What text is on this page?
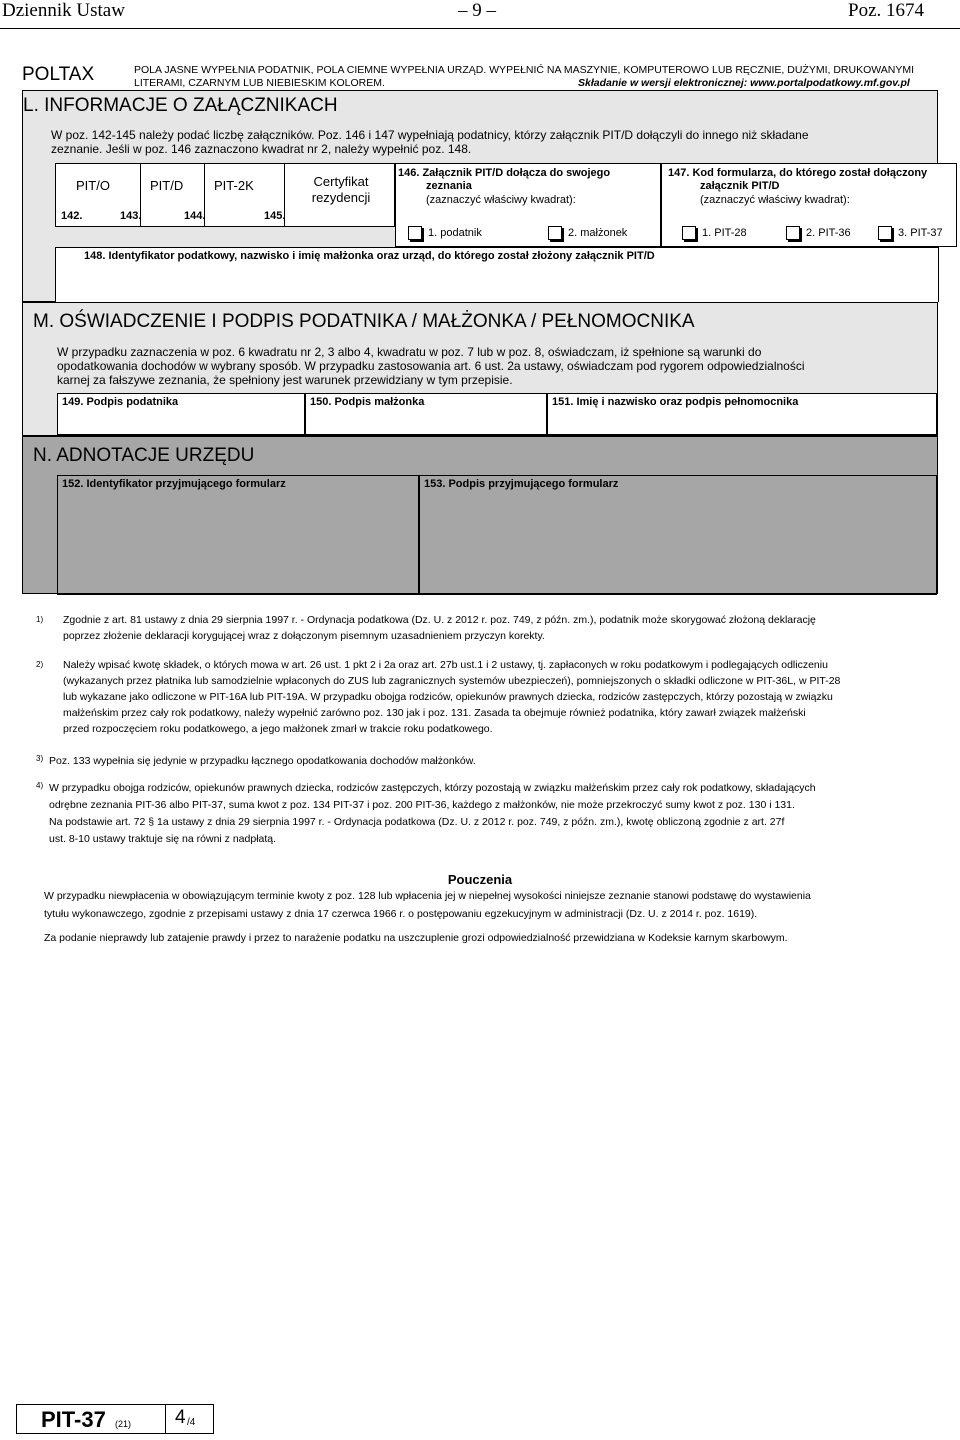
Dziennik Ustaw	– 9 –	Poz. 1674
POLTAX	POLA JASNE WYPEŁNIA PODATNIK, POLA CIEMNE WYPEŁNIA URZĄD. WYPEŁNIĆ NA MASZYNIE, KOMPUTEROWO LUB RĘCZNIE, DUŻYMI, DRUKOWANYMI
LITERAMI, CZARNYM LUB NIEBIESKIM KOLOREM.	Składanie w wersji elektronicznej: www.portalpodatkowy.mf.gov.pl
L. INFORMACJE O ZAŁĄCZNIKACH
W poz. 142-145 należy podać liczbę załączników. Poz. 146 i 147 wypełniają podatnicy, którzy załącznik PIT/D dołączyli do innego niż składane
zeznanie. Jeśli w poz. 146 zaznaczono kwadrat nr 2, należy wypełnić poz. 148.
PIT/O	PIT/D PIT-2K	Certyfikat rezydencji
142.	143.	144.	145.
146. Załącznik PIT/D dołącza do swojego
zeznania
(zaznaczyć właściwy kwadrat):
1. podatnik	2. małżonek
147. Kod formularza, do którego został dołączony
załącznik PIT/D
(zaznaczyć właściwy kwadrat):
1. PIT-28	2. PIT-36	3. PIT-37
148. Identyfikator podatkowy, nazwisko i imię małżonka oraz urząd, do którego został złożony załącznik PIT/D
M. OŚWIADCZENIE I PODPIS PODATNIKA / MAŁŻONKA / PEŁNOMOCNIKA
W przypadku zaznaczenia w poz. 6 kwadratu nr 2, 3 albo 4, kwadratu w poz. 7 lub w poz. 8, oświadczam, iż spełnione są warunki do
opodatkowania dochodów w wybrany sposób. W przypadku zastosowania art. 6 ust. 2a ustawy, oświadczam pod rygorem odpowiedzialności
karnej za fałszywe zeznania, że spełniony jest warunek przewidziany w tym przepisie.
149. Podpis podatnika	150. Podpis małżonka	151. Imię i nazwisko oraz podpis pełnomocnika
N. ADNOTACJE URZĘDU
152. Identyfikator przyjmującego formularz	153. Podpis przyjmującego formularz
$^{1)}$ Zgodnie z art. 81 ustawy z dnia 29 sierpnia 1997 r. - Ordynacja podatkowa (Dz. U. z 2012 r. poz. 749, z późn. zm.), podatnik może skorygować złożoną deklarację
poprzez złożenie deklaracji korygującej wraz z dołączonym pisemnym uzasadnieniem przyczyn korekty.
$^{2)}$ Należy wpisać kwotę składek, o których mowa w art. 26 ust. 1 pkt 2 i 2a oraz art. 27b ust.1 i 2 ustawy, tj. zapłaconych w roku podatkowym i podlegających odliczeniu
(wykazanych przez płatnika lub samodzielnie wpłaconych do ZUS lub zagranicznych systemów ubezpieczeń), pomniejszonych o składki odliczone w PIT-36L, w PIT-28
lub wykazane jako odliczone w PIT-16A lub PIT-19A. W przypadku obojga rodziców, opiekunów prawnych dziecka, rodziców zastępczych, którzy pozostają w związku
małżeńskim przez cały rok podatkowy, należy wypełnić zarówno poz. 130 jak i poz. 131. Zasada ta obejmuje również podatnika, który zawarł związek małżeński
przed rozpoczęciem roku podatkowego, a jego małżonek zmarł w trakcie roku podatkowego.
$^{3)}$ Poz. 133 wypełnia się jedynie w przypadku łącznego opodatkowania dochodów małżonków.
$^{4)}$ W przypadku obojga rodziców, opiekunów prawnych dziecka, rodziców zastępczych, którzy pozostają w związku małżeńskim przez cały rok podatkowy, składających
odrębne zeznania PIT-36 albo PIT-37, suma kwot z poz. 134 PIT-37 i poz. 200 PIT-36, każdego z małżonków, nie może przekroczyć sumy kwot z poz. 130 i 131.
Na podstawie art. 72 § 1a ustawy z dnia 29 sierpnia 1997 r. - Ordynacja podatkowa (Dz. U. z 2012 r. poz. 749, z późn. zm.), kwotę obliczoną zgodnie z art. 27f
ust. 8-10 ustawy traktuje się na równi z nadpłatą.
Pouczenia
W przypadku niewpłacenia w obowiązującym terminie kwoty z poz. 128 lub wpłacenia jej w niepełnej wysokości niniejsze zeznanie stanowi podstawę do wystawienia
tytułu wykonawczego, zgodnie z przepisami ustawy z dnia 17 czerwca 1966 r. o postępowaniu egzekucyjnym w administracji (Dz. U. z 2014 r. poz. 1619).
Za podanie nieprawdy lub zatajenie prawdy i przez to narażenie podatku na uszczuplenie grozi odpowiedzialność przewidziana w Kodeksie karnym skarbowym.
PIT-37 (21) 4 /4
